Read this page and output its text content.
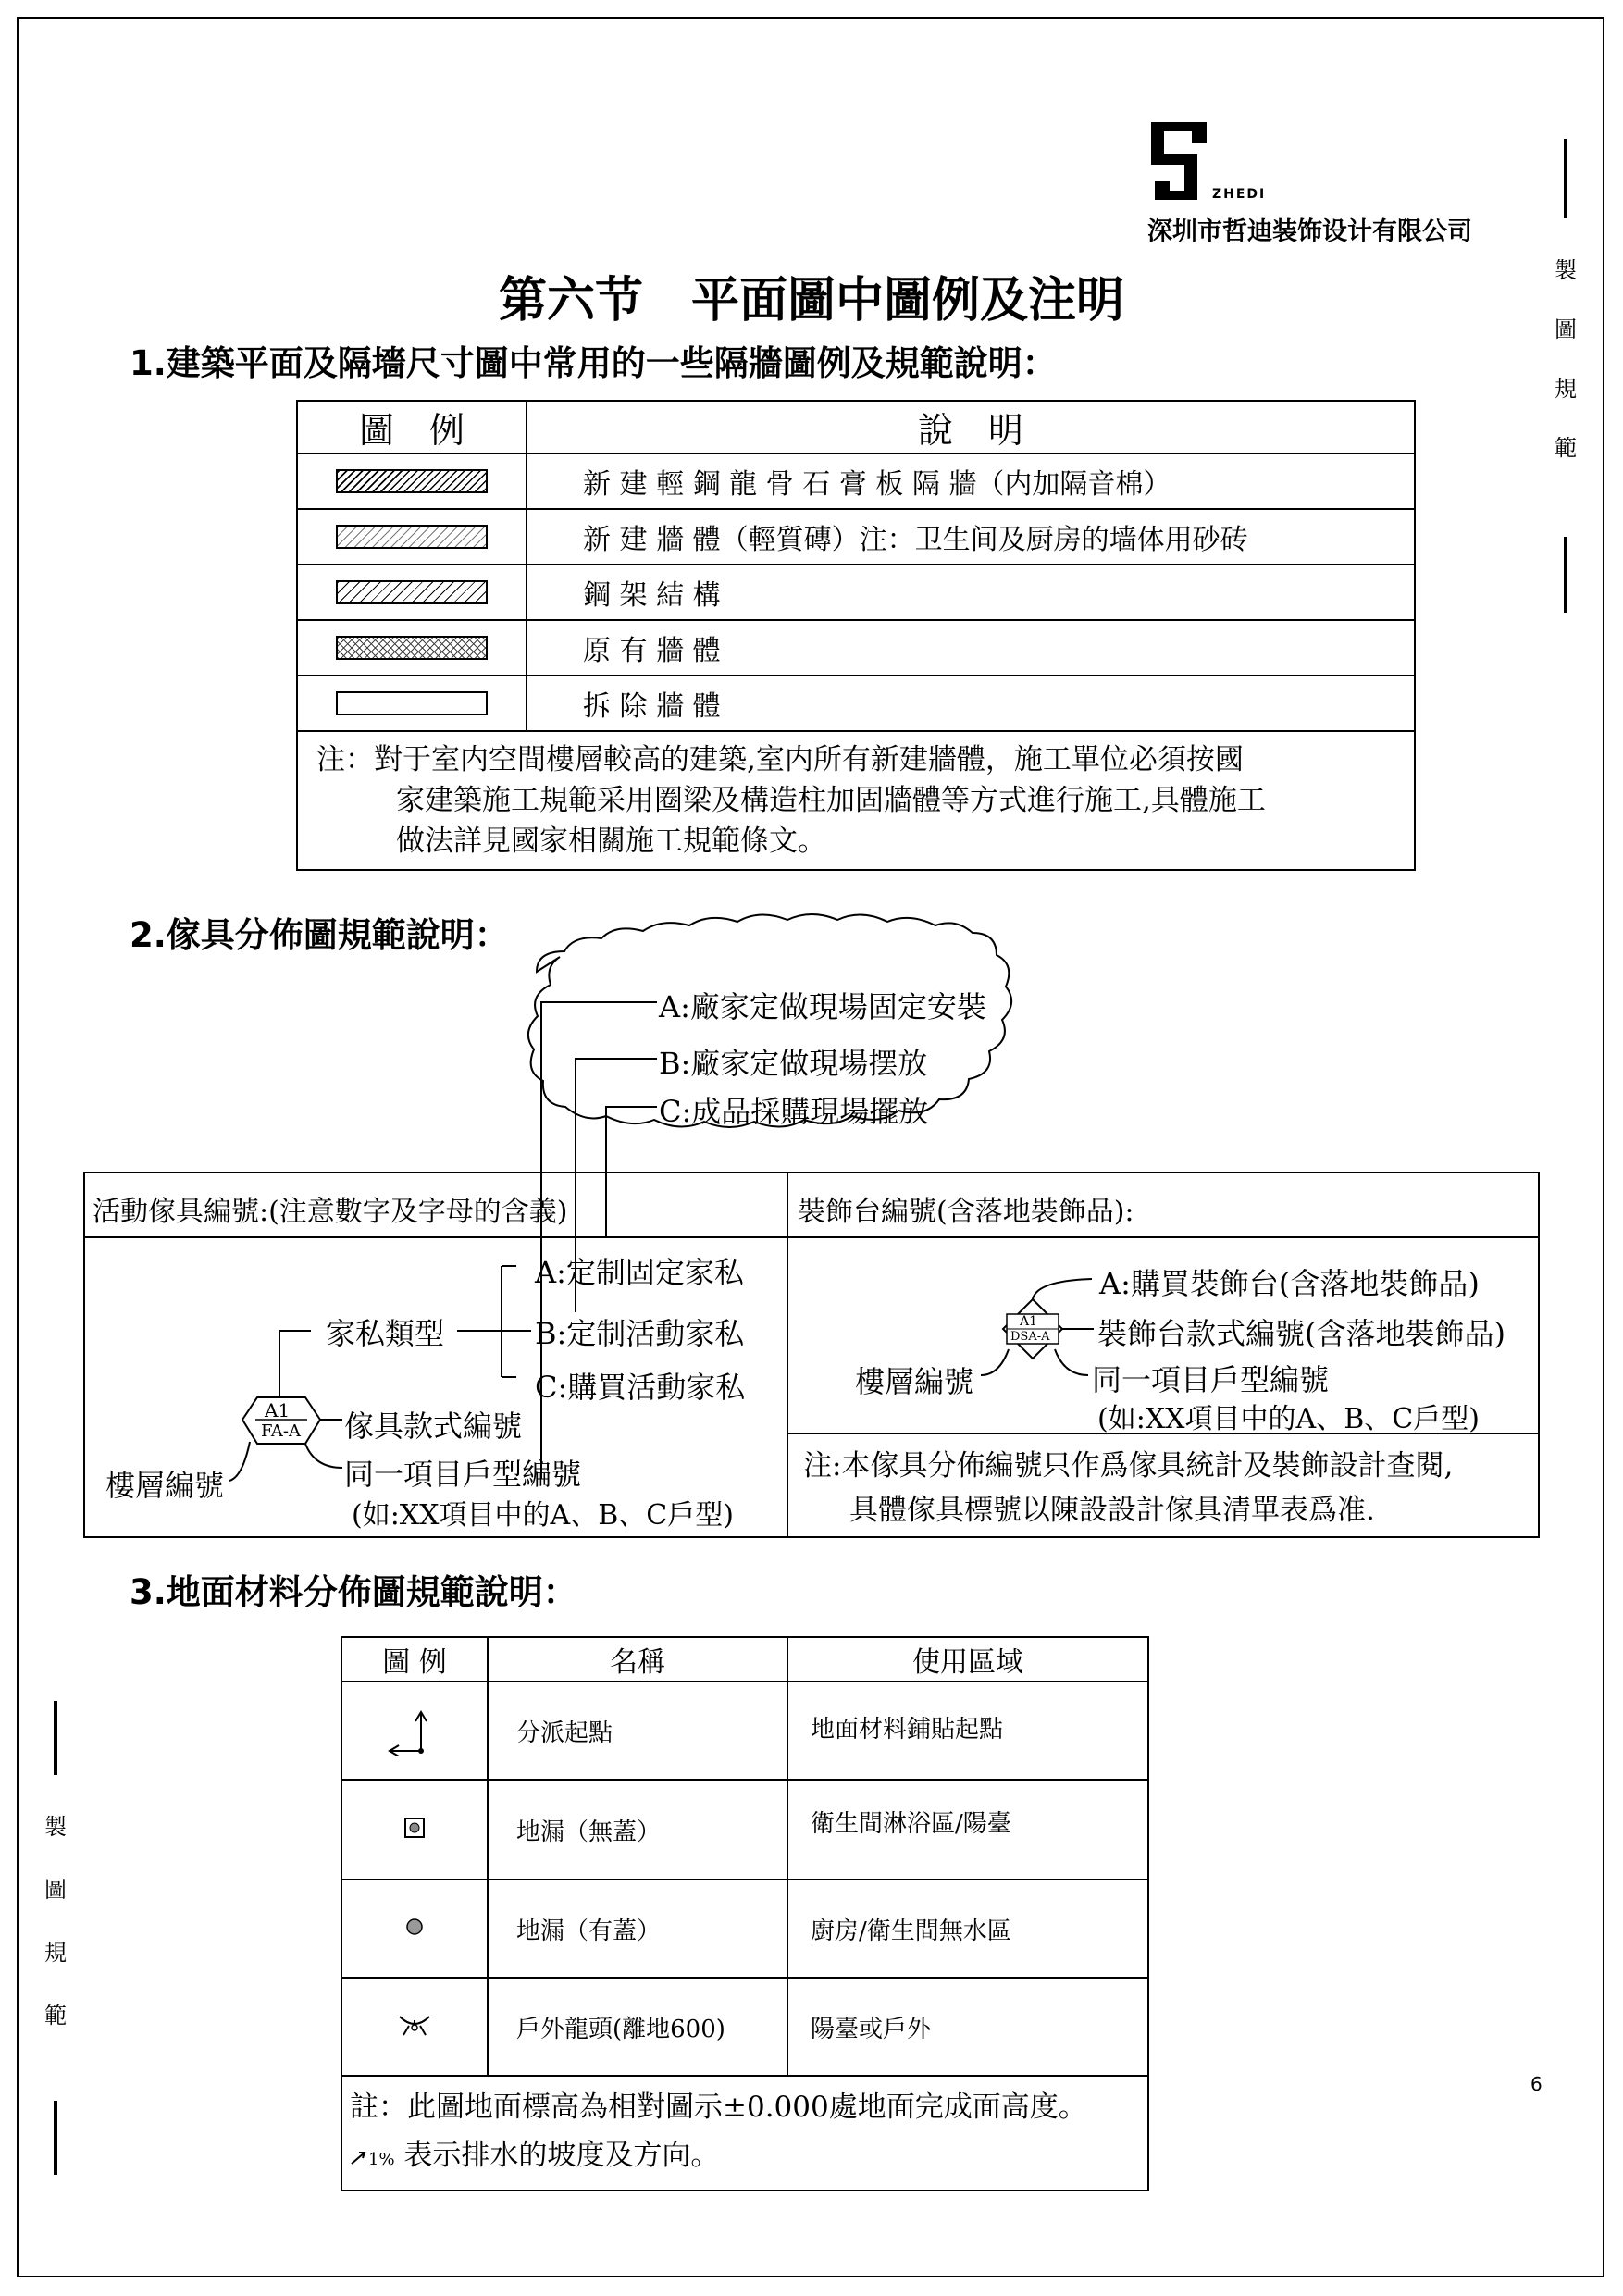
ZHEDI
深圳市哲迪装饰设计有限公司
製
圖
規
範
製
圖
規
範
第六节　平面圖中圖例及注明
1.建築平面及隔墻尺寸圖中常用的一些隔牆圖例及規範說明：
圖　例	說　明

	新 建 輕 鋼 龍 骨 石 膏 板 隔 牆（内加隔音棉）

	新 建 牆 體（輕質磚）注：卫生间及厨房的墙体用砂砖

	鋼 架 結 構

	原 有 牆 體

	拆 除 牆 體

注：對于室内空間樓層較高的建築,室内所有新建牆體，施工單位必須按國
家建築施工規範采用圈梁及構造柱加固牆體等方式進行施工,具體施工
做法詳見國家相關施工規範條文。	
2.傢具分佈圖規範說明：
A:廠家定做現場固定安裝
B:廠家定做現場摆放
C:成品採購現場擺放
活動傢具編號:(注意數字及字母的含義)	裝飾台編號(含落地裝飾品):
A1
FA-A
A:定制固定家私
B:定制活動家私
C:購買活動家私
家私類型
傢具款式編號
樓層編號	同一項目戶型編號
(如:XX項目中的A、B、C戶型)
A1
DSA-A
A:購買裝飾台(含落地裝飾品)
裝飾台款式編號(含落地裝飾品)
樓層編號	同一項目戶型編號
(如:XX項目中的A、B、C戶型)
注:本傢具分佈編號只作爲傢具統計及裝飾設計查閱,
具體傢具標號以陳設設計傢具清單表爲准.
3.地面材料分佈圖規範說明：
圖 例	名稱	使用區域
	分派起點	地面材料鋪貼起點
	地漏（無蓋）	衛生間淋浴區/陽臺
	地漏（有蓋）	廚房/衛生間無水區
	戶外龍頭(離地600)	陽臺或戶外

註：此圖地面標高為相對圖示±0.000處地面完成面高度。
1% 表示排水的坡度及方向。		
6
